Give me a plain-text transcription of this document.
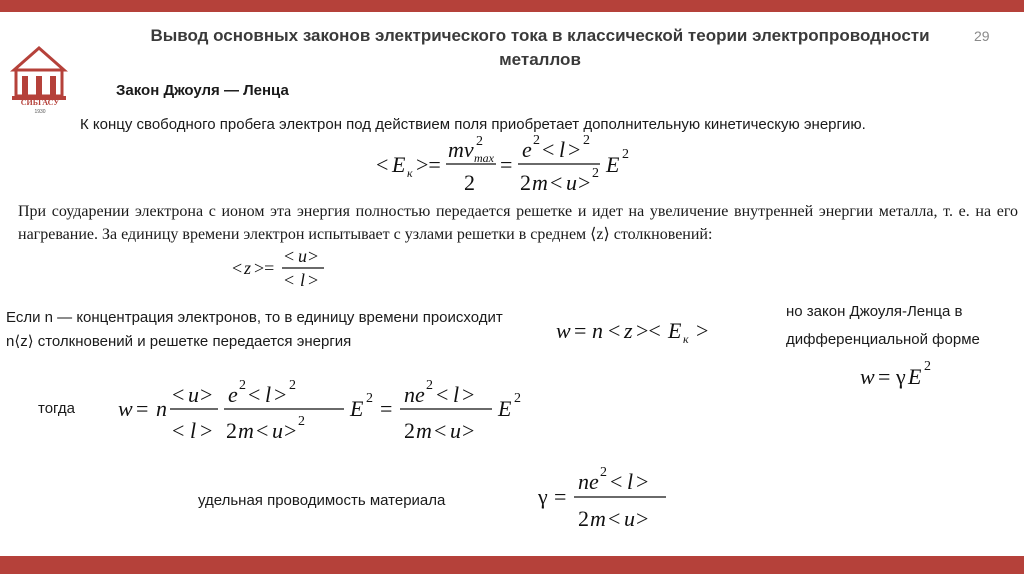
СИБГАСУ
1930
Вывод основных законов электрического тока в классической теории электропроводности металлов
29
Закон Джоуля — Ленца
К концу свободного пробега электрон под действием поля приобретает дополнительную кинетическую энергию.
< E к >=
mv 2
max
2
=
e 2 < l > 2
2 m < u > 2 E 2
При соударении электрона с ионом эта энергия полностью передается решетке и идет на увеличение внутренней энергии металла, т. е. на его нагревание. За единицу времени электрон испытывает с узлами решетки в среднем ⟨z⟩ столкновений:
< z >=
< u >
< l >
Если n — концентрация электронов, то в единицу времени происходит n⟨z⟩ столкновений и решетке передается энергия	w = n < z >< E к >
но закон Джоуля-Ленца в дифференциальной форме
w = γ E 2
тогда w = n
< u >
< l >
e 2 < l > 2
2 m < u > 2
E 2 =
ne 2 < l >
2 m < u >
E 2
удельная проводимость материала	γ =
ne 2 < l >
2 m < u >
